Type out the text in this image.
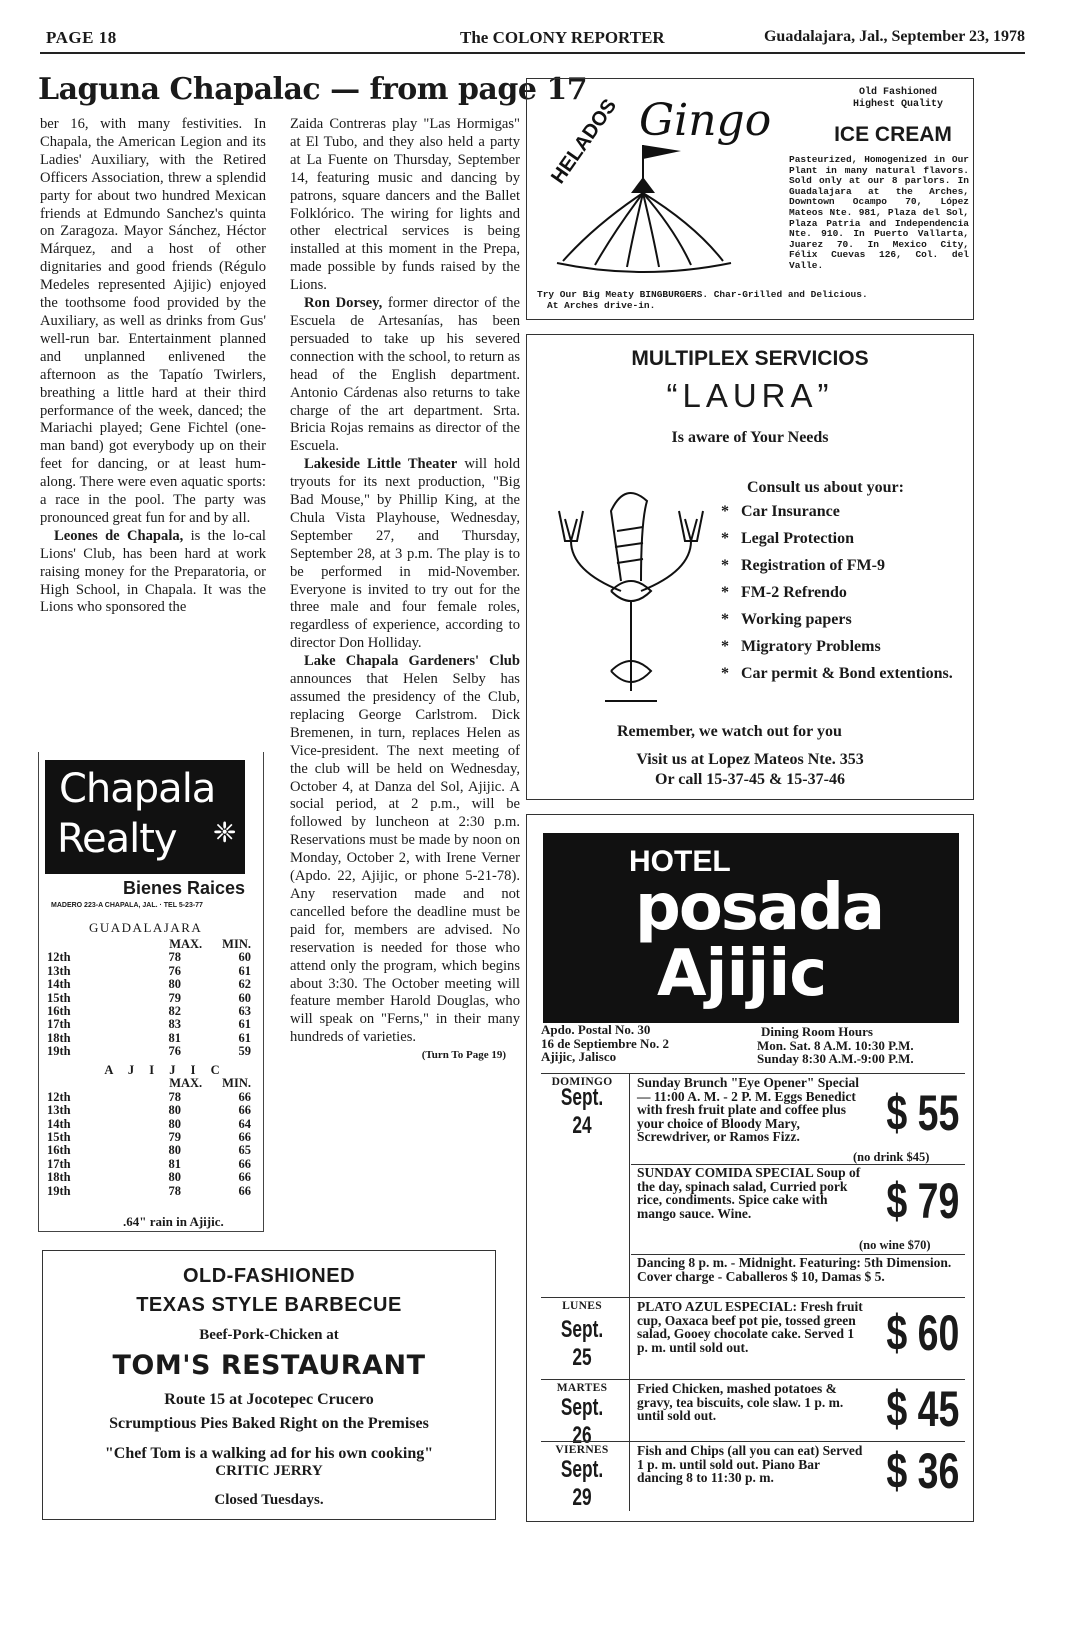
PAGE 18	The COLONY REPORTER	Guadalajara, Jal., September 23, 1978
Laguna Chapalac — from page 17

ber 16, with many festivities. In Chapala, the American Legion and its Ladies' Auxiliary, with the Retired Officers Association, threw a splendid party for about two hundred Mexican friends at Edmundo Sanchez's quinta on Zaragoza. Mayor Sánchez, Héctor Márquez, and a host of other dignitaries and good friends (Régulo Medeles represented Ajijic) enjoyed the toothsome food provided by the Auxiliary, as well as drinks from Gus' well-run bar. Entertainment planned and unplanned enlivened the afternoon as the Tapatío Twirlers, breathing a little hard at their third performance of the week, danced; the Mariachi played; Gene Fichtel (one-man band) got everybody up on their feet for dancing, or at least hum-along. There were even aquatic sports: a race in the pool. The party was pronounced great fun for and by all.

Leones de Chapala, is the lo-cal Lions' Club, has been hard at work raising money for the Preparatoria, or High School, in Chapala. It was the Lions who sponsored the

Zaida Contreras play "Las Hormigas" at El Tubo, and they also held a party at La Fuente on Thursday, September 14, featuring music and dancing by patrons, square dancers and the Ballet Folklórico. The wiring for lights and other electrical services is being installed at this moment in the Prepa, made possible by funds raised by the Lions.

Ron Dorsey, former director of the Escuela de Artesanías, has been persuaded to take up his severed connection with the school, to return as head of the English department. Antonio Cárdenas also returns to take charge of the art department. Srta. Bricia Rojas remains as director of the Escuela.

Lakeside Little Theater will hold tryouts for its next production, "Big Bad Mouse," by Phillip King, at the Chula Vista Playhouse, Wednesday, September 27, and Thursday, September 28, at 3 p.m. The play is to be performed in mid-November. Everyone is invited to try out for the three male and four female roles, regardless of experience, according to director Don Holliday.

Lake Chapala Gardeners' Club announces that Helen Selby has assumed the presidency of the Club, replacing George Carlstrom. Dick Bremenen, in turn, replaces Helen as Vice-president. The next meeting of the club will be held on Wednesday, October 4, at Danza del Sol, Ajijic. A social period, at 2 p.m., will be followed by luncheon at 2:30 p.m. Reservations must be made by noon on Monday, October 2, with Irene Verner (Apdo. 22, Ajijic, or phone 5-21-78). Any reservation made and not cancelled before the deadline must be paid for, members are advised. No reservation is needed for those who attend only the program, which begins about 3:30. The October meeting will feature member Harold Douglas, who will speak on "Ferns," in their many hundreds of varieties.

(Turn To Page 19)
Chapala
Realty ❈
Bienes Raices
MADERO 223-A CHAPALA, JAL. · TEL 5-23-77
GUADALAJARA
MAX. MIN.
12th	78	60
13th	76	61
14th	80	62
15th	79	60
16th	82	63
17th	83	61
18th	81	61
19th	76	59
A J I J I C
MAX. MIN.
12th	78	66
13th	80	66
14th	80	64
15th	79	66
16th	80	65
17th	81	66
18th	80	66
19th	78	66
.64" rain in Ajijic.
OLD-FASHIONED
TEXAS STYLE BARBECUE
Beef-Pork-Chicken at
TOM'S RESTAURANT
Route 15 at Jocotepec Crucero
Scrumptious Pies Baked Right on the Premises
"Chef Tom is a walking ad for his own cooking"
CRITIC JERRY
Closed Tuesdays.
HELADOS Gingo
Old Fashioned
Highest Quality
ICE CREAM
Pasteurized, Homogenized in Our Plant in many natural flavors. Sold only at our 8 parlors. In Guadalajara at the Arches, Downtown Ocampo 70, López Mateos Nte. 981, Plaza del Sol, Plaza Patria and Independencia Nte. 910. In Puerto Vallarta, Juarez 70. In Mexico City, Félix Cuevas 126, Col. del Valle.
Try Our Big Meaty BINGBURGERS. Char-Grilled and Delicious.
At Arches drive-in.
MULTIPLEX SERVICIOS
“LAURA”
Is aware of Your Needs
Consult us about your:
* Car Insurance
* Legal Protection
* Registration of FM-9
* FM-2 Refrendo
* Working papers
* Migratory Problems
* Car permit & Bond extentions.
Remember, we watch out for you
Visit us at Lopez Mateos Nte. 353
Or call 15-37-45 & 15-37-46
HOTEL
posada
Ajijic
Apdo. Postal No. 30
16 de Septiembre No. 2
Ajijic, Jalisco
Dining Room Hours
Mon. Sat. 8 A.M. 10:30 P.M.
Sunday 8:30 A.M.-9:00 P.M.
DOMINGO
Sept. 24
Sunday Brunch "Eye Opener" Special — 11:00 A. M. - 2 P. M. Eggs Benedict with fresh fruit plate and coffee plus your choice of Bloody Mary, Screwdriver, or Ramos Fizz.	$ 55
(no drink $45)
SUNDAY COMIDA SPECIAL Soup of the day, spinach salad, Curried pork rice, condiments. Spice cake with mango sauce. Wine.	$ 79
(no wine $70)
Dancing 8 p. m. - Midnight. Featuring: 5th Dimension. Cover charge - Caballeros $ 10, Damas $ 5.
LUNES
Sept. 25
PLATO AZUL ESPECIAL: Fresh fruit cup, Oaxaca beef pot pie, tossed green salad, Gooey chocolate cake. Served 1 p. m. until sold out.	$ 60
MARTES
Sept. 26
Fried Chicken, mashed potatoes & gravy, tea biscuits, cole slaw. 1 p. m. until sold out.	$ 45
VIERNES
Sept. 29
Fish and Chips (all you can eat) Served 1 p. m. until sold out. Piano Bar dancing 8 to 11:30 p. m.	$ 36
